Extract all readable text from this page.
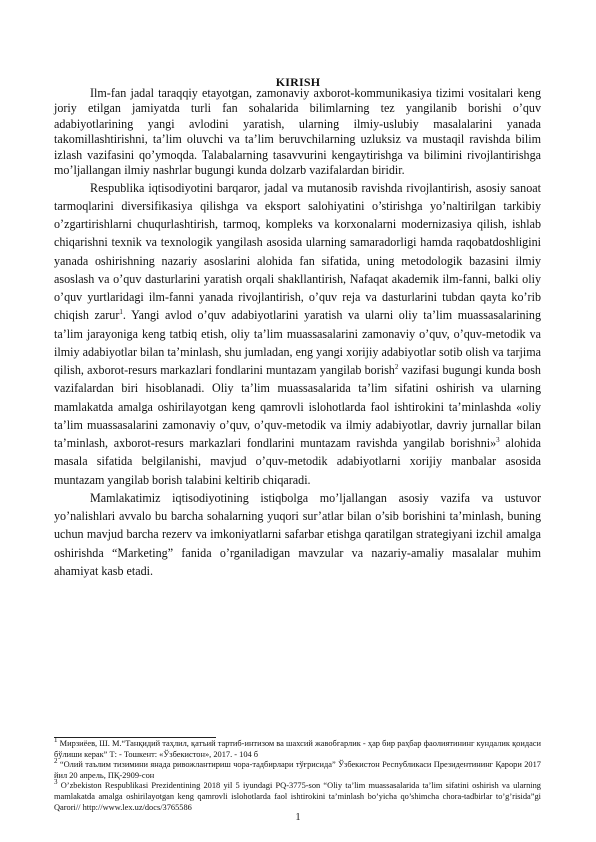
KIRISH

Ilm-fan jadal taraqqiy etayotgan, zamonaviy axborot-kommunikasiya tizimi vositalari keng joriy etilgan jamiyatda turli fan sohalarida bilimlarning tez yangilanib borishi o’quv adabiyotlarining yangi avlodini yaratish, ularning ilmiy-uslubiy masalalarini yanada takomillashtirishni, ta’lim oluvchi va ta’lim beruvchilarning uzluksiz va mustaqil ravishda bilim izlash vazifasini qo’ymoqda. Talabalarning tasavvurini kengaytirishga va bilimini rivojlantirishga mo’ljallangan ilmiy nashrlar bugungi kunda dolzarb vazifalardan biridir.

Respublika iqtisodiyotini barqaror, jadal va mutanosib ravishda rivojlantirish, asosiy sanoat tarmoqlarini diversifikasiya qilishga va eksport salohiyatini o’stirishga yo’naltirilgan tarkibiy o’zgartirishlarni chuqurlashtirish, tarmoq, kompleks va korxonalarni modernizasiya qilish, ishlab chiqarishni texnik va texnologik yangilash asosida ularning samaradorligi hamda raqobatdoshligini yanada oshirishning nazariy asoslarini alohida fan sifatida, uning metodologik bazasini ilmiy asoslash va o’quv dasturlarini yaratish orqali shakllantirish, Nafaqat akademik ilm-fanni, balki oliy o’quv yurtlaridagi ilm-fanni yanada rivojlantirish, o’quv reja va dasturlarini tubdan qayta ko’rib chiqish zarur$^1$. Yangi avlod o’quv adabiyotlarini yaratish va ularni oliy ta’lim muassasalarining ta’lim jarayoniga keng tatbiq etish, oliy ta’lim muassasalarini zamonaviy o’quv, o’quv-metodik va ilmiy adabiyotlar bilan ta’minlash, shu jumladan, eng yangi xorijiy adabiyotlar sotib olish va tarjima qilish, axborot-resurs markazlari fondlarini muntazam yangilab borish$^2$ vazifasi bugungi kunda bosh vazifalardan biri hisoblanadi. Oliy ta’lim muassasalarida ta’lim sifatini oshirish va ularning mamlakatda amalga oshirilayotgan keng qamrovli islohotlarda faol ishtirokini ta’minlashda «oliy ta’lim muassasalarini zamonaviy o’quv, o’quv-metodik va ilmiy adabiyotlar, davriy jurnallar bilan ta’minlash, axborot-resurs markazlari fondlarini muntazam ravishda yangilab borishni»$^3$ alohida masala sifatida belgilanishi, mavjud o’quv-metodik adabiyotlarni xorijiy manbalar asosida muntazam yangilab borish talabini keltirib chiqaradi.

Mamlakatimiz iqtisodiyotining istiqbolga mo’ljallangan asosiy vazifa va ustuvor yo’nalishlari avvalo bu barcha sohalarning yuqori sur’atlar bilan o’sib borishini ta’minlash, buning uchun mavjud barcha rezerv va imkoniyatlarni safarbar etishga qaratilgan strategiyani izchil amalga oshirishda “Marketing” fanida o’rganiladigan mavzular va nazariy-amaliy masalalar muhim ahamiyat kasb etadi.

$^1$ Мирзиёев, Ш. М.“Танқидий таҳлил, қатъий тартиб-интизом ва шахсий жавобгарлик - ҳар бир раҳбар фаолиятининг кундалик қоидаси бўлиши керак” Т: - Тошкент: «Ўзбекистон», 2017. - 104 б

$^2$ “Олий таълим тизимини янада ривожлантириш чора-тадбирлари тўғрисида” Ўзбекистон Республикаси Президентининг Қарори 2017 йил 20 апрель, ПҚ-2909-сон

$^3$ O’zbekiston Respublikasi Prezidentining 2018 yil 5 iyundagi PQ-3775-son “Oliy ta’lim muassasalarida ta’lim sifatini oshirish va ularning mamlakatda amalga oshirilayotgan keng qamrovli islohotlarda faol ishtirokini ta’minlash bo’yicha qo’shimcha chora-tadbirlar to’g’risida”gi Qarori// http://www.lex.uz/docs/3765586

1
